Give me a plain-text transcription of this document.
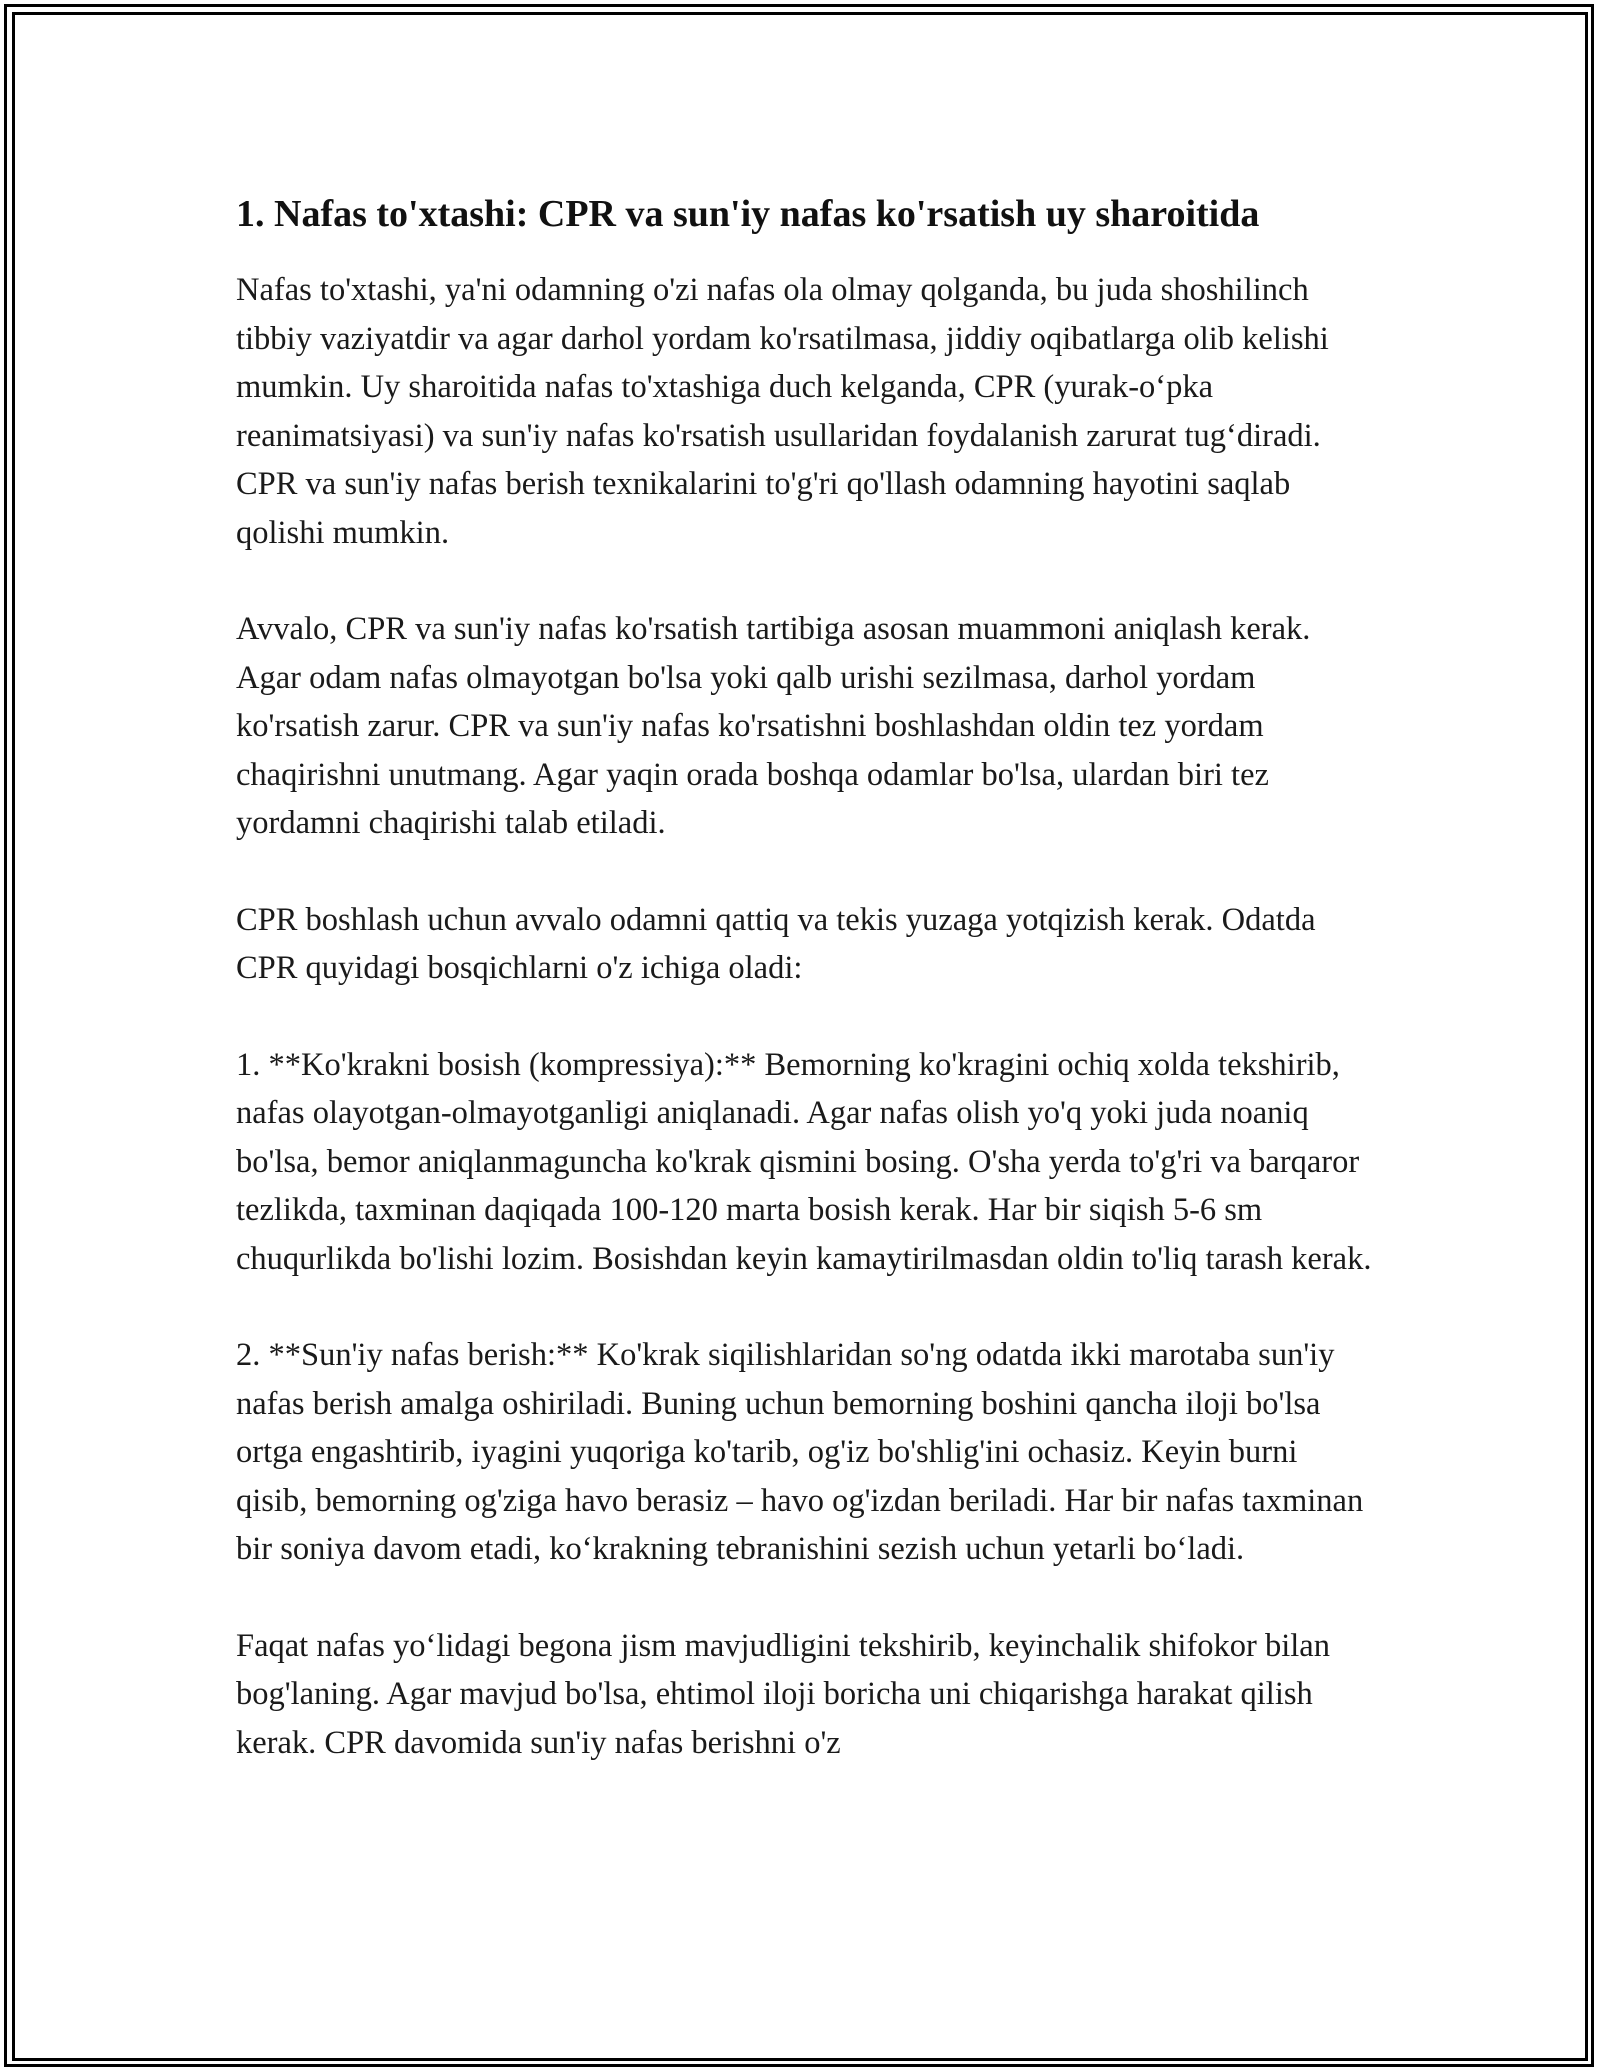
1. Nafas to'xtashi: CPR va sun'iy nafas ko'rsatish uy sharoitida

Nafas to'xtashi, ya'ni odamning o'zi nafas ola olmay qolganda, bu juda shoshilinch tibbiy vaziyatdir va agar darhol yordam ko'rsatilmasa, jiddiy oqibatlarga olib kelishi mumkin. Uy sharoitida nafas to'xtashiga duch kelganda, CPR (yurak-o‘pka reanimatsiyasi) va sun'iy nafas ko'rsatish usullaridan foydalanish zarurat tug‘diradi. CPR va sun'iy nafas berish texnikalarini to'g'ri qo'llash odamning hayotini saqlab qolishi mumkin.

Avvalo, CPR va sun'iy nafas ko'rsatish tartibiga asosan muammoni aniqlash kerak. Agar odam nafas olmayotgan bo'lsa yoki qalb urishi sezilmasa, darhol yordam ko'rsatish zarur. CPR va sun'iy nafas ko'rsatishni boshlashdan oldin tez yordam chaqirishni unutmang. Agar yaqin orada boshqa odamlar bo'lsa, ulardan biri tez yordamni chaqirishi talab etiladi.

CPR boshlash uchun avvalo odamni qattiq va tekis yuzaga yotqizish kerak. Odatda CPR quyidagi bosqichlarni o'z ichiga oladi:

1. **Ko'krakni bosish (kompressiya):** Bemorning ko'kragini ochiq xolda tekshirib, nafas olayotgan-olmayotganligi aniqlanadi. Agar nafas olish yo'q yoki juda noaniq bo'lsa, bemor aniqlanmaguncha ko'krak qismini bosing. O'sha yerda to'g'ri va barqaror tezlikda, taxminan daqiqada 100-120 marta bosish kerak. Har bir siqish 5-6 sm chuqurlikda bo'lishi lozim. Bosishdan keyin kamaytirilmasdan oldin to'liq tarash kerak.

2. **Sun'iy nafas berish:** Ko'krak siqilishlaridan so'ng odatda ikki marotaba sun'iy nafas berish amalga oshiriladi. Buning uchun bemorning boshini qancha iloji bo'lsa ortga engashtirib, iyagini yuqoriga ko'tarib, og'iz bo'shlig'ini ochasiz. Keyin burni qisib, bemorning og'ziga havo berasiz – havo og'izdan beriladi. Har bir nafas taxminan bir soniya davom etadi, ko‘krakning tebranishini sezish uchun yetarli bo‘ladi.

Faqat nafas yo‘lidagi begona jism mavjudligini tekshirib, keyinchalik shifokor bilan bog'laning. Agar mavjud bo'lsa, ehtimol iloji boricha uni chiqarishga harakat qilish kerak. CPR davomida sun'iy nafas berishni o'z
